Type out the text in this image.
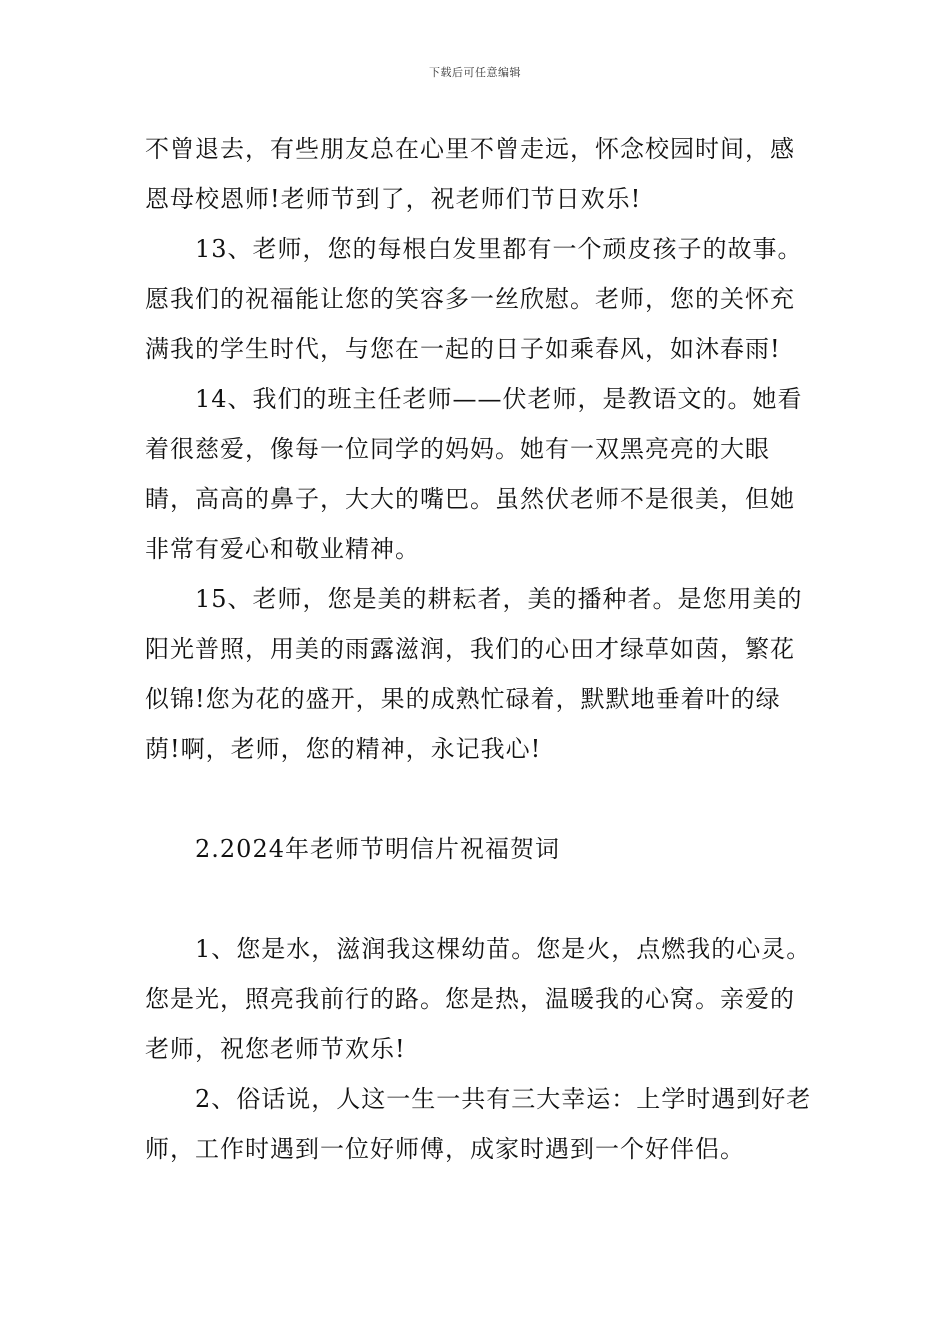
下载后可任意编辑

不曾退去，有些朋友总在心里不曾走远，怀念校园时间，感恩母校恩师!老师节到了，祝老师们节日欢乐!

13、老师，您的每根白发里都有一个顽皮孩子的故事。愿我们的祝福能让您的笑容多一丝欣慰。老师，您的关怀充满我的学生时代，与您在一起的日子如乘春风，如沐春雨!

14、我们的班主任老师——伏老师，是教语文的。她看着很慈爱，像每一位同学的妈妈。她有一双黑亮亮的大眼睛，高高的鼻子，大大的嘴巴。虽然伏老师不是很美，但她非常有爱心和敬业精神。

15、老师，您是美的耕耘者，美的播种者。是您用美的阳光普照，用美的雨露滋润，我们的心田才绿草如茵，繁花似锦!您为花的盛开，果的成熟忙碌着，默默地垂着叶的绿荫!啊，老师，您的精神，永记我心!

2.2024年老师节明信片祝福贺词

1、您是水，滋润我这棵幼苗。您是火，点燃我的心灵。您是光，照亮我前行的路。您是热，温暖我的心窝。亲爱的老师，祝您老师节欢乐!

2、俗话说，人这一生一共有三大幸运：上学时遇到好老师，工作时遇到一位好师傅，成家时遇到一个好伴侣。
